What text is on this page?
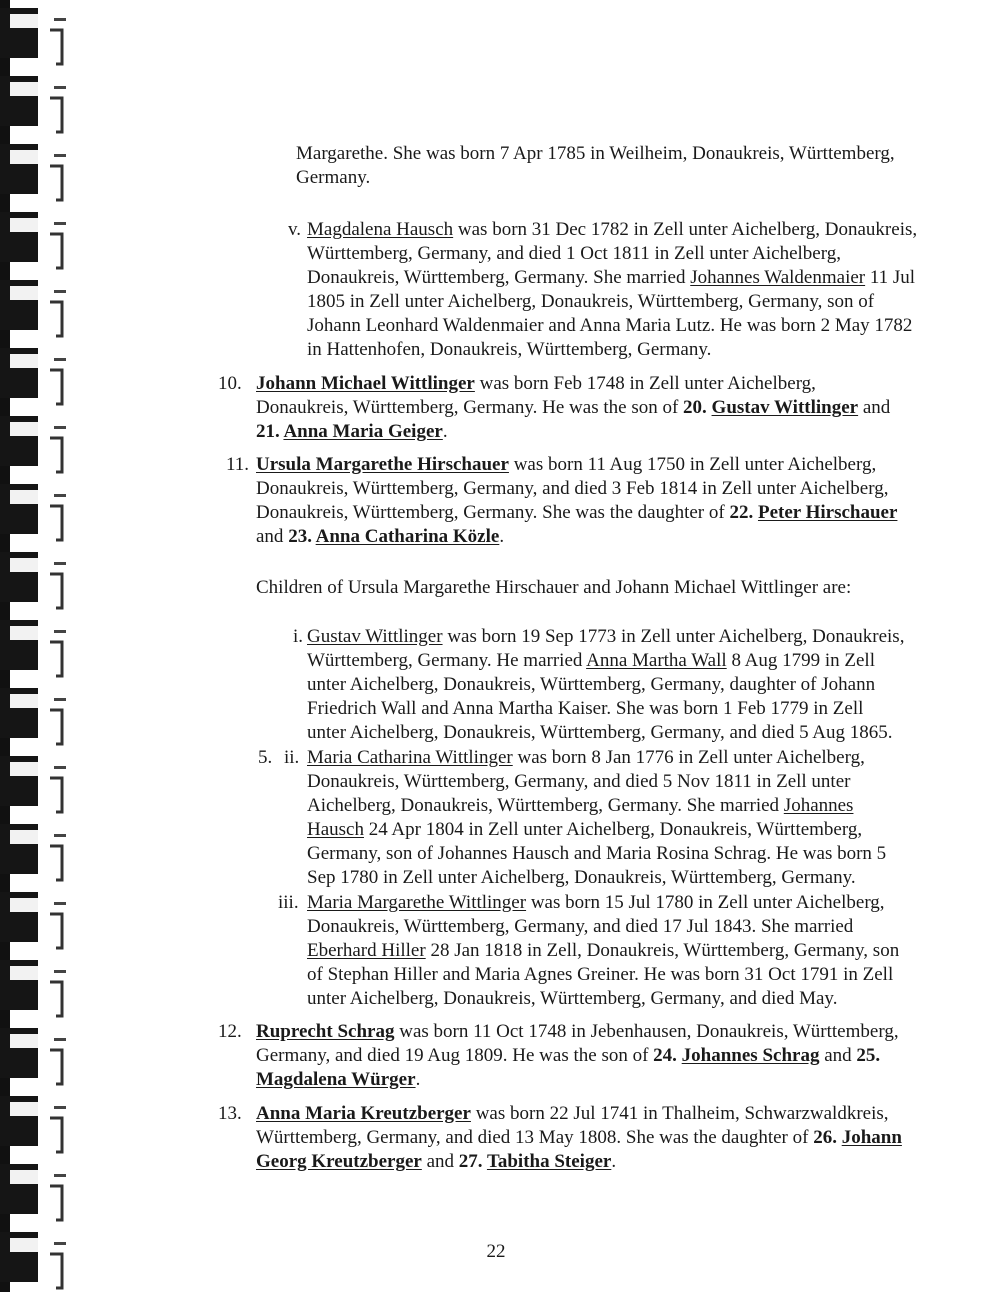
Margarethe. She was born 7 Apr 1785 in Weilheim, Donaukreis, Württemberg,
Germany.
Magdalena Hausch was born 31 Dec 1782 in Zell unter Aichelberg, Donaukreis,
v.
Württemberg, Germany, and died 1 Oct 1811 in Zell unter Aichelberg,
Donaukreis, Württemberg, Germany. She married Johannes Waldenmaier 11 Jul
1805 in Zell unter Aichelberg, Donaukreis, Württemberg, Germany, son of
Johann Leonhard Waldenmaier and Anna Maria Lutz. He was born 2 May 1782
in Hattenhofen, Donaukreis, Württemberg, Germany.
Johann Michael Wittlinger was born Feb 1748 in Zell unter Aichelberg,
10.
Donaukreis, Württemberg, Germany. He was the son of 20. Gustav Wittlinger and
21. Anna Maria Geiger.
Ursula Margarethe Hirschauer was born 11 Aug 1750 in Zell unter Aichelberg,
11.
Donaukreis, Württemberg, Germany, and died 3 Feb 1814 in Zell unter Aichelberg,
Donaukreis, Württemberg, Germany. She was the daughter of 22. Peter Hirschauer
and 23. Anna Catharina Közle.
Children of Ursula Margarethe Hirschauer and Johann Michael Wittlinger are:
Gustav Wittlinger was born 19 Sep 1773 in Zell unter Aichelberg, Donaukreis,
i.
Württemberg, Germany. He married Anna Martha Wall 8 Aug 1799 in Zell
unter Aichelberg, Donaukreis, Württemberg, Germany, daughter of Johann
Friedrich Wall and Anna Martha Kaiser. She was born 1 Feb 1779 in Zell
unter Aichelberg, Donaukreis, Württemberg, Germany, and died 5 Aug 1865.
Maria Catharina Wittlinger was born 8 Jan 1776 in Zell unter Aichelberg,
ii.
5.
Donaukreis, Württemberg, Germany, and died 5 Nov 1811 in Zell unter
Aichelberg, Donaukreis, Württemberg, Germany. She married Johannes
Hausch 24 Apr 1804 in Zell unter Aichelberg, Donaukreis, Württemberg,
Germany, son of Johannes Hausch and Maria Rosina Schrag. He was born 5
Sep 1780 in Zell unter Aichelberg, Donaukreis, Württemberg, Germany.
Maria Margarethe Wittlinger was born 15 Jul 1780 in Zell unter Aichelberg,
iii.
Donaukreis, Württemberg, Germany, and died 17 Jul 1843. She married
Eberhard Hiller 28 Jan 1818 in Zell, Donaukreis, Württemberg, Germany, son
of Stephan Hiller and Maria Agnes Greiner. He was born 31 Oct 1791 in Zell
unter Aichelberg, Donaukreis, Württemberg, Germany, and died May.
Ruprecht Schrag was born 11 Oct 1748 in Jebenhausen, Donaukreis, Württemberg,
12.
Germany, and died 19 Aug 1809. He was the son of 24. Johannes Schrag and 25.
Magdalena Würger.
Anna Maria Kreutzberger was born 22 Jul 1741 in Thalheim, Schwarzwaldkreis,
13.
Württemberg, Germany, and died 13 May 1808. She was the daughter of 26. Johann
Georg Kreutzberger and 27. Tabitha Steiger.
22
